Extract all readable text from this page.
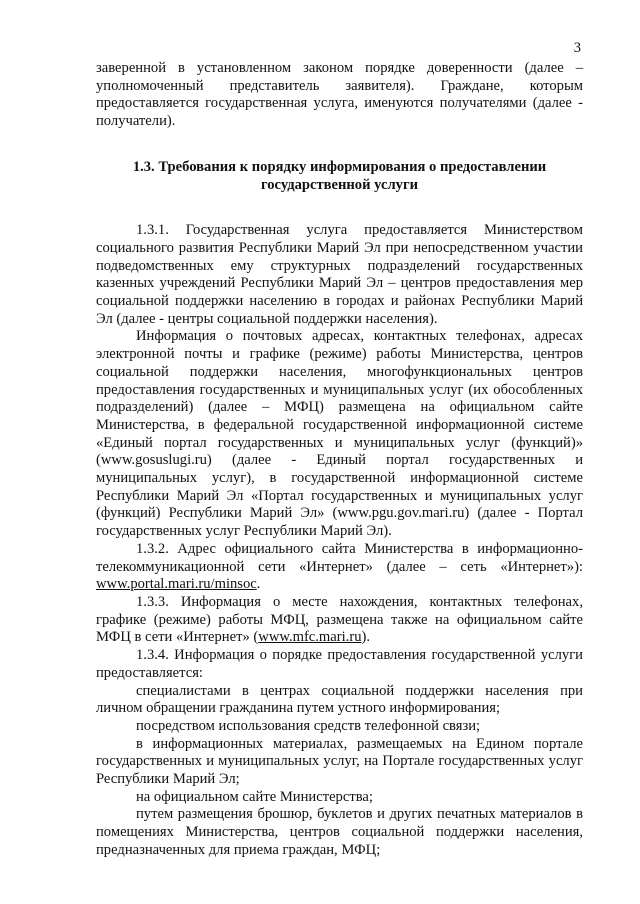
3

заверенной в установленном законом порядке доверенности (далее – уполномоченный представитель заявителя). Граждане, которым предоставляется государственная услуга, именуются получателями (далее - получатели).

1.3. Требования к порядку информирования о предоставлении
государственной услуги

1.3.1. Государственная услуга предоставляется Министерством социального развития Республики Марий Эл при непосредственном участии подведомственных ему структурных подразделений государственных казенных учреждений Республики Марий Эл – центров предоставления мер социальной поддержки населению в городах и районах Республики Марий Эл (далее - центры социальной поддержки населения).

Информация о почтовых адресах, контактных телефонах, адресах электронной почты и графике (режиме) работы Министерства, центров социальной поддержки населения, многофункциональных центров предоставления государственных и муниципальных услуг (их обособленных подразделений) (далее – МФЦ) размещена на официальном сайте Министерства, в федеральной государственной информационной системе «Единый портал государственных и муниципальных услуг (функций)» (www.gosuslugi.ru) (далее - Единый портал государственных и муниципальных услуг), в государственной информационной системе Республики Марий Эл «Портал государственных и муниципальных услуг (функций) Республики Марий Эл» (www.pgu.gov.mari.ru) (далее - Портал государственных услуг Республики Марий Эл).

1.3.2. Адрес официального сайта Министерства в информационно-телекоммуникационной сети «Интернет» (далее – сеть «Интернет»): www.portal.mari.ru/minsoc.

1.3.3. Информация о месте нахождения, контактных телефонах, графике (режиме) работы МФЦ, размещена также на официальном сайте МФЦ в сети «Интернет» (www.mfc.mari.ru).

1.3.4. Информация о порядке предоставления государственной услуги предоставляется:

специалистами в центрах социальной поддержки населения при личном обращении гражданина путем устного информирования;

посредством использования средств телефонной связи;

в информационных материалах, размещаемых на Едином портале государственных и муниципальных услуг, на Портале государственных услуг Республики Марий Эл;

на официальном сайте Министерства;

путем размещения брошюр, буклетов и других печатных материалов в помещениях Министерства, центров социальной поддержки населения, предназначенных для приема граждан, МФЦ;
